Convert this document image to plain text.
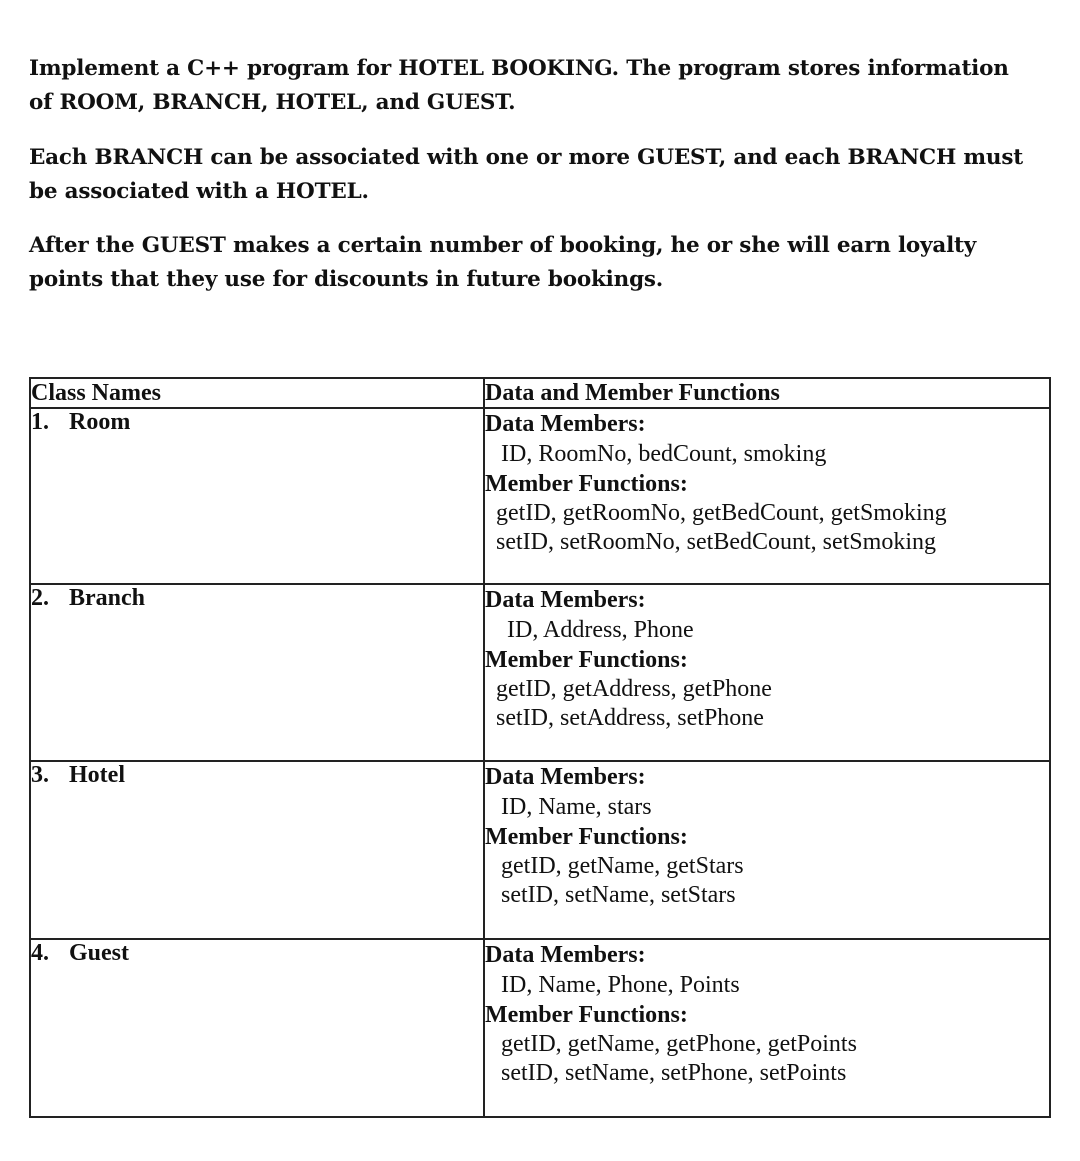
Implement a C++ program for HOTEL BOOKING. The program stores information of ROOM, BRANCH, HOTEL, and GUEST.

Each BRANCH can be associated with one or more GUEST, and each BRANCH must be associated with a HOTEL.

After the GUEST makes a certain number of booking, he or she will earn loyalty points that they use for discounts in future bookings.

Class Names	Data and Member Functions
1. Room	Data Members:
ID, RoomNo, bedCount, smoking
Member Functions:
getID, getRoomNo, getBedCount, getSmoking
setID, setRoomNo, setBedCount, setSmoking

2. Branch	Data Members:
ID, Address, Phone
Member Functions:
getID, getAddress, getPhone
setID, setAddress, setPhone

3. Hotel	Data Members:
ID, Name, stars
Member Functions:
getID, getName, getStars
setID, setName, setStars

4. Guest	Data Members:
ID, Name, Phone, Points
Member Functions:
getID, getName, getPhone, getPoints
setID, setName, setPhone, setPoints
